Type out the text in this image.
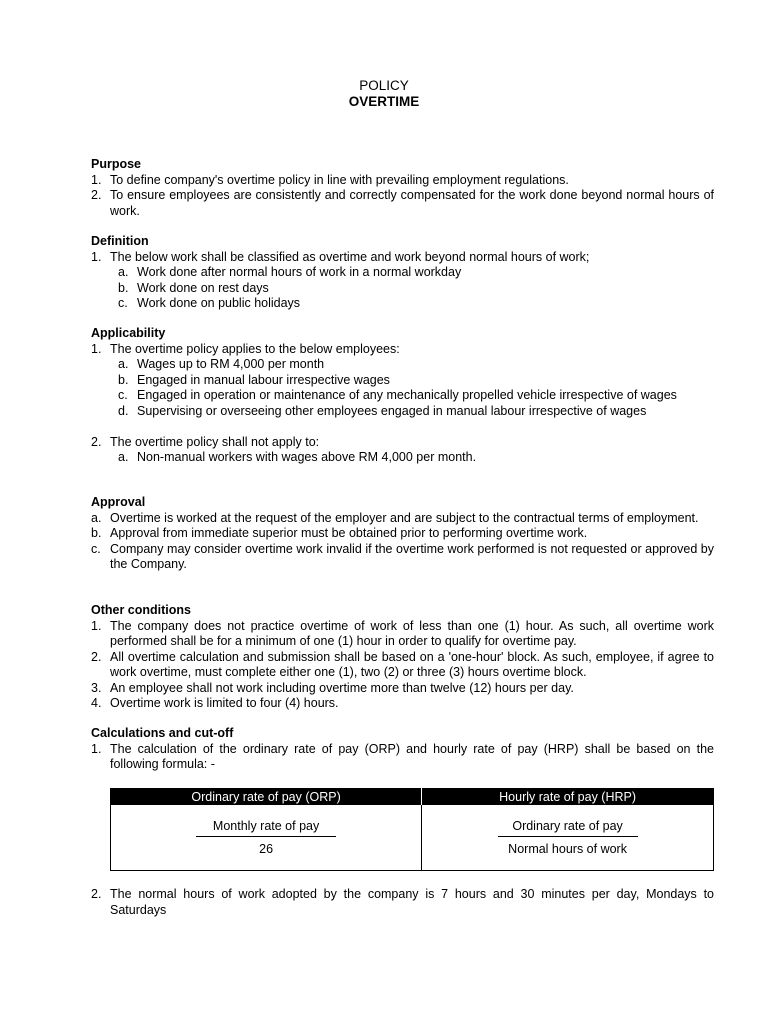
POLICY
OVERTIME
Purpose
1. To define company's overtime policy in line with prevailing employment regulations.
2. To ensure employees are consistently and correctly compensated for the work done beyond normal hours of work.
Definition
1. The below work shall be classified as overtime and work beyond normal hours of work;
a. Work done after normal hours of work in a normal workday
b. Work done on rest days
c. Work done on public holidays
Applicability
1. The overtime policy applies to the below employees:
a. Wages up to RM 4,000 per month
b. Engaged in manual labour irrespective wages
c. Engaged in operation or maintenance of any mechanically propelled vehicle irrespective of wages
d. Supervising or overseeing other employees engaged in manual labour irrespective of wages
2. The overtime policy shall not apply to:
a. Non-manual workers with wages above RM 4,000 per month.
Approval
a. Overtime is worked at the request of the employer and are subject to the contractual terms of employment.
b. Approval from immediate superior must be obtained prior to performing overtime work.
c. Company may consider overtime work invalid if the overtime work performed is not requested or approved by the Company.
Other conditions
1. The company does not practice overtime of work of less than one (1) hour. As such, all overtime work performed shall be for a minimum of one (1) hour in order to qualify for overtime pay.
2. All overtime calculation and submission shall be based on a 'one-hour' block. As such, employee, if agree to work overtime, must complete either one (1), two (2) or three (3) hours overtime block.
3. An employee shall not work including overtime more than twelve (12) hours per day.
4. Overtime work is limited to four (4) hours.
Calculations and cut-off
1. The calculation of the ordinary rate of pay (ORP) and hourly rate of pay (HRP) shall be based on the following formula: -
Ordinary rate of pay (ORP)	Hourly rate of pay (HRP)

$\frac{\text{Monthly rate of pay}}{26}$	$\frac{\text{Ordinary rate of pay}}{\text{Normal hours of work}}$
2. The normal hours of work adopted by the company is 7 hours and 30 minutes per day, Mondays to Saturdays
